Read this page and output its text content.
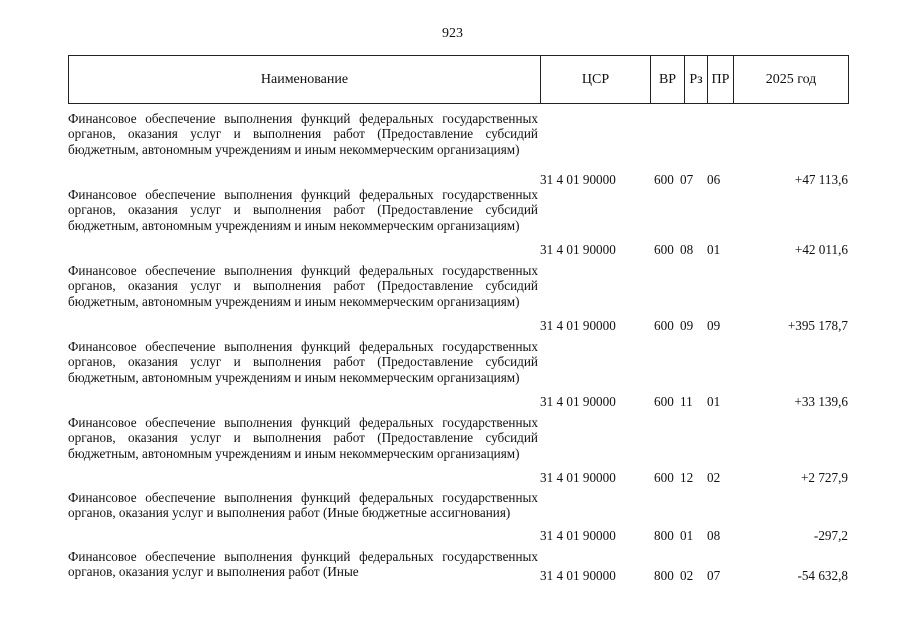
923
Наименование	ЦСР	ВР Рз ПР	2025 год
Финансовое обеспечение выполнения функций федеральных государственных органов, оказания услуг и выполнения работ (Предоставление субсидий бюджетным, автономным учреждениям и иным некоммерческим организациям)
31 4 01 90000	600 07 06	+47 113,6
Финансовое обеспечение выполнения функций федеральных государственных органов, оказания услуг и выполнения работ (Предоставление субсидий бюджетным, автономным учреждениям и иным некоммерческим организациям)
31 4 01 90000	600 08 01	+42 011,6
Финансовое обеспечение выполнения функций федеральных государственных органов, оказания услуг и выполнения работ (Предоставление субсидий бюджетным, автономным учреждениям и иным некоммерческим организациям)
31 4 01 90000	600 09 09	+395 178,7
Финансовое обеспечение выполнения функций федеральных государственных органов, оказания услуг и выполнения работ (Предоставление субсидий бюджетным, автономным учреждениям и иным некоммерческим организациям)
31 4 01 90000	600 11 01	+33 139,6
Финансовое обеспечение выполнения функций федеральных государственных органов, оказания услуг и выполнения работ (Предоставление субсидий бюджетным, автономным учреждениям и иным некоммерческим организациям)
31 4 01 90000	600 12 02	+2 727,9
Финансовое обеспечение выполнения функций федеральных государственных органов, оказания услуг и выполнения работ (Иные бюджетные ассигнования)
31 4 01 90000	800 01 08	-297,2
Финансовое обеспечение выполнения функций федеральных государственных органов, оказания услуг и выполнения работ (Иные	31 4 01 90000	800 02 07	-54 632,8
